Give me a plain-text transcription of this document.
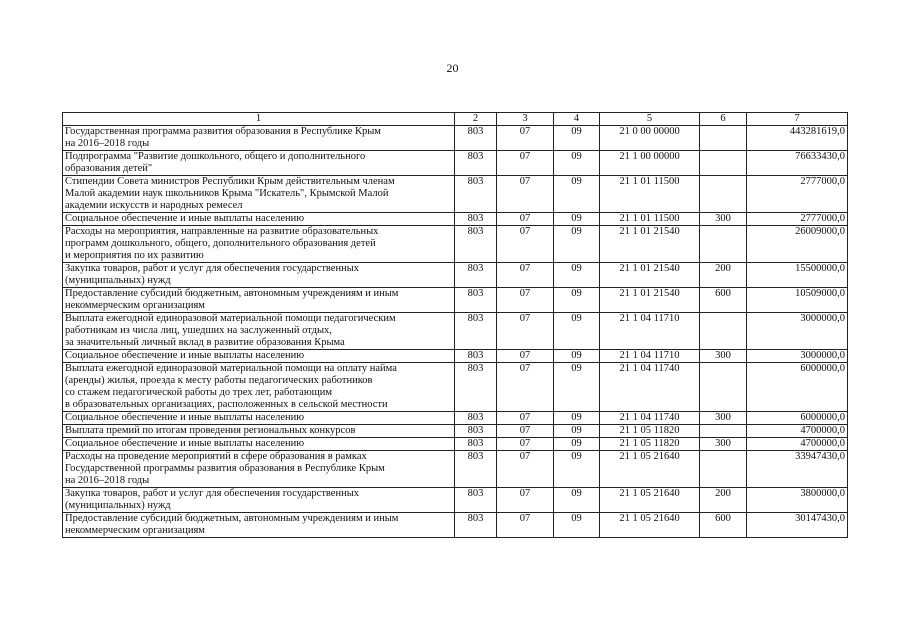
20
1	2	3	4	5	6	7
Государственная программа развития образования в Республике Крым
на 2016–2018 годы	803	07	09	21 0 00 00000		443281619,0
Подпрограмма "Развитие дошкольного, общего и дополнительного
образования детей"	803	07	09	21 1 00 00000		76633430,0
Стипендии Совета министров Республики Крым действительным членам
Малой академии наук школьников Крыма "Искатель", Крымской Малой
академии искусств и народных ремесел	803	07	09	21 1 01 11500		2777000,0
Социальное обеспечение и иные выплаты населению	803	07	09	21 1 01 11500	300	2777000,0
Расходы на мероприятия, направленные на развитие образовательных
программ дошкольного, общего, дополнительного образования детей
и мероприятия по их развитию	803	07	09	21 1 01 21540		26009000,0
Закупка товаров, работ и услуг для обеспечения государственных
(муниципальных) нужд	803	07	09	21 1 01 21540	200	15500000,0
Предоставление субсидий бюджетным, автономным учреждениям и иным
некоммерческим организациям	803	07	09	21 1 01 21540	600	10509000,0
Выплата ежегодной единоразовой материальной помощи педагогическим
работникам из числа лиц, ушедших на заслуженный отдых,
за значительный личный вклад в развитие образования Крыма	803	07	09	21 1 04 11710		3000000,0
Социальное обеспечение и иные выплаты населению	803	07	09	21 1 04 11710	300	3000000,0
Выплата ежегодной единоразовой материальной помощи на оплату найма
(аренды) жилья, проезда к месту работы педагогических работников
со стажем педагогической работы до трех лет, работающим
в образовательных организациях, расположенных в сельской местности	803	07	09	21 1 04 11740		6000000,0
Социальное обеспечение и иные выплаты населению	803	07	09	21 1 04 11740	300	6000000,0
Выплата премий по итогам проведения региональных конкурсов	803	07	09	21 1 05 11820		4700000,0
Социальное обеспечение и иные выплаты населению	803	07	09	21 1 05 11820	300	4700000,0
Расходы на проведение мероприятий в сфере образования в рамках
Государственной программы развития образования в Республике Крым
на 2016–2018 годы	803	07	09	21 1 05 21640		33947430,0
Закупка товаров, работ и услуг для обеспечения государственных
(муниципальных) нужд	803	07	09	21 1 05 21640	200	3800000,0
Предоставление субсидий бюджетным, автономным учреждениям и иным
некоммерческим организациям	803	07	09	21 1 05 21640	600	30147430,0
